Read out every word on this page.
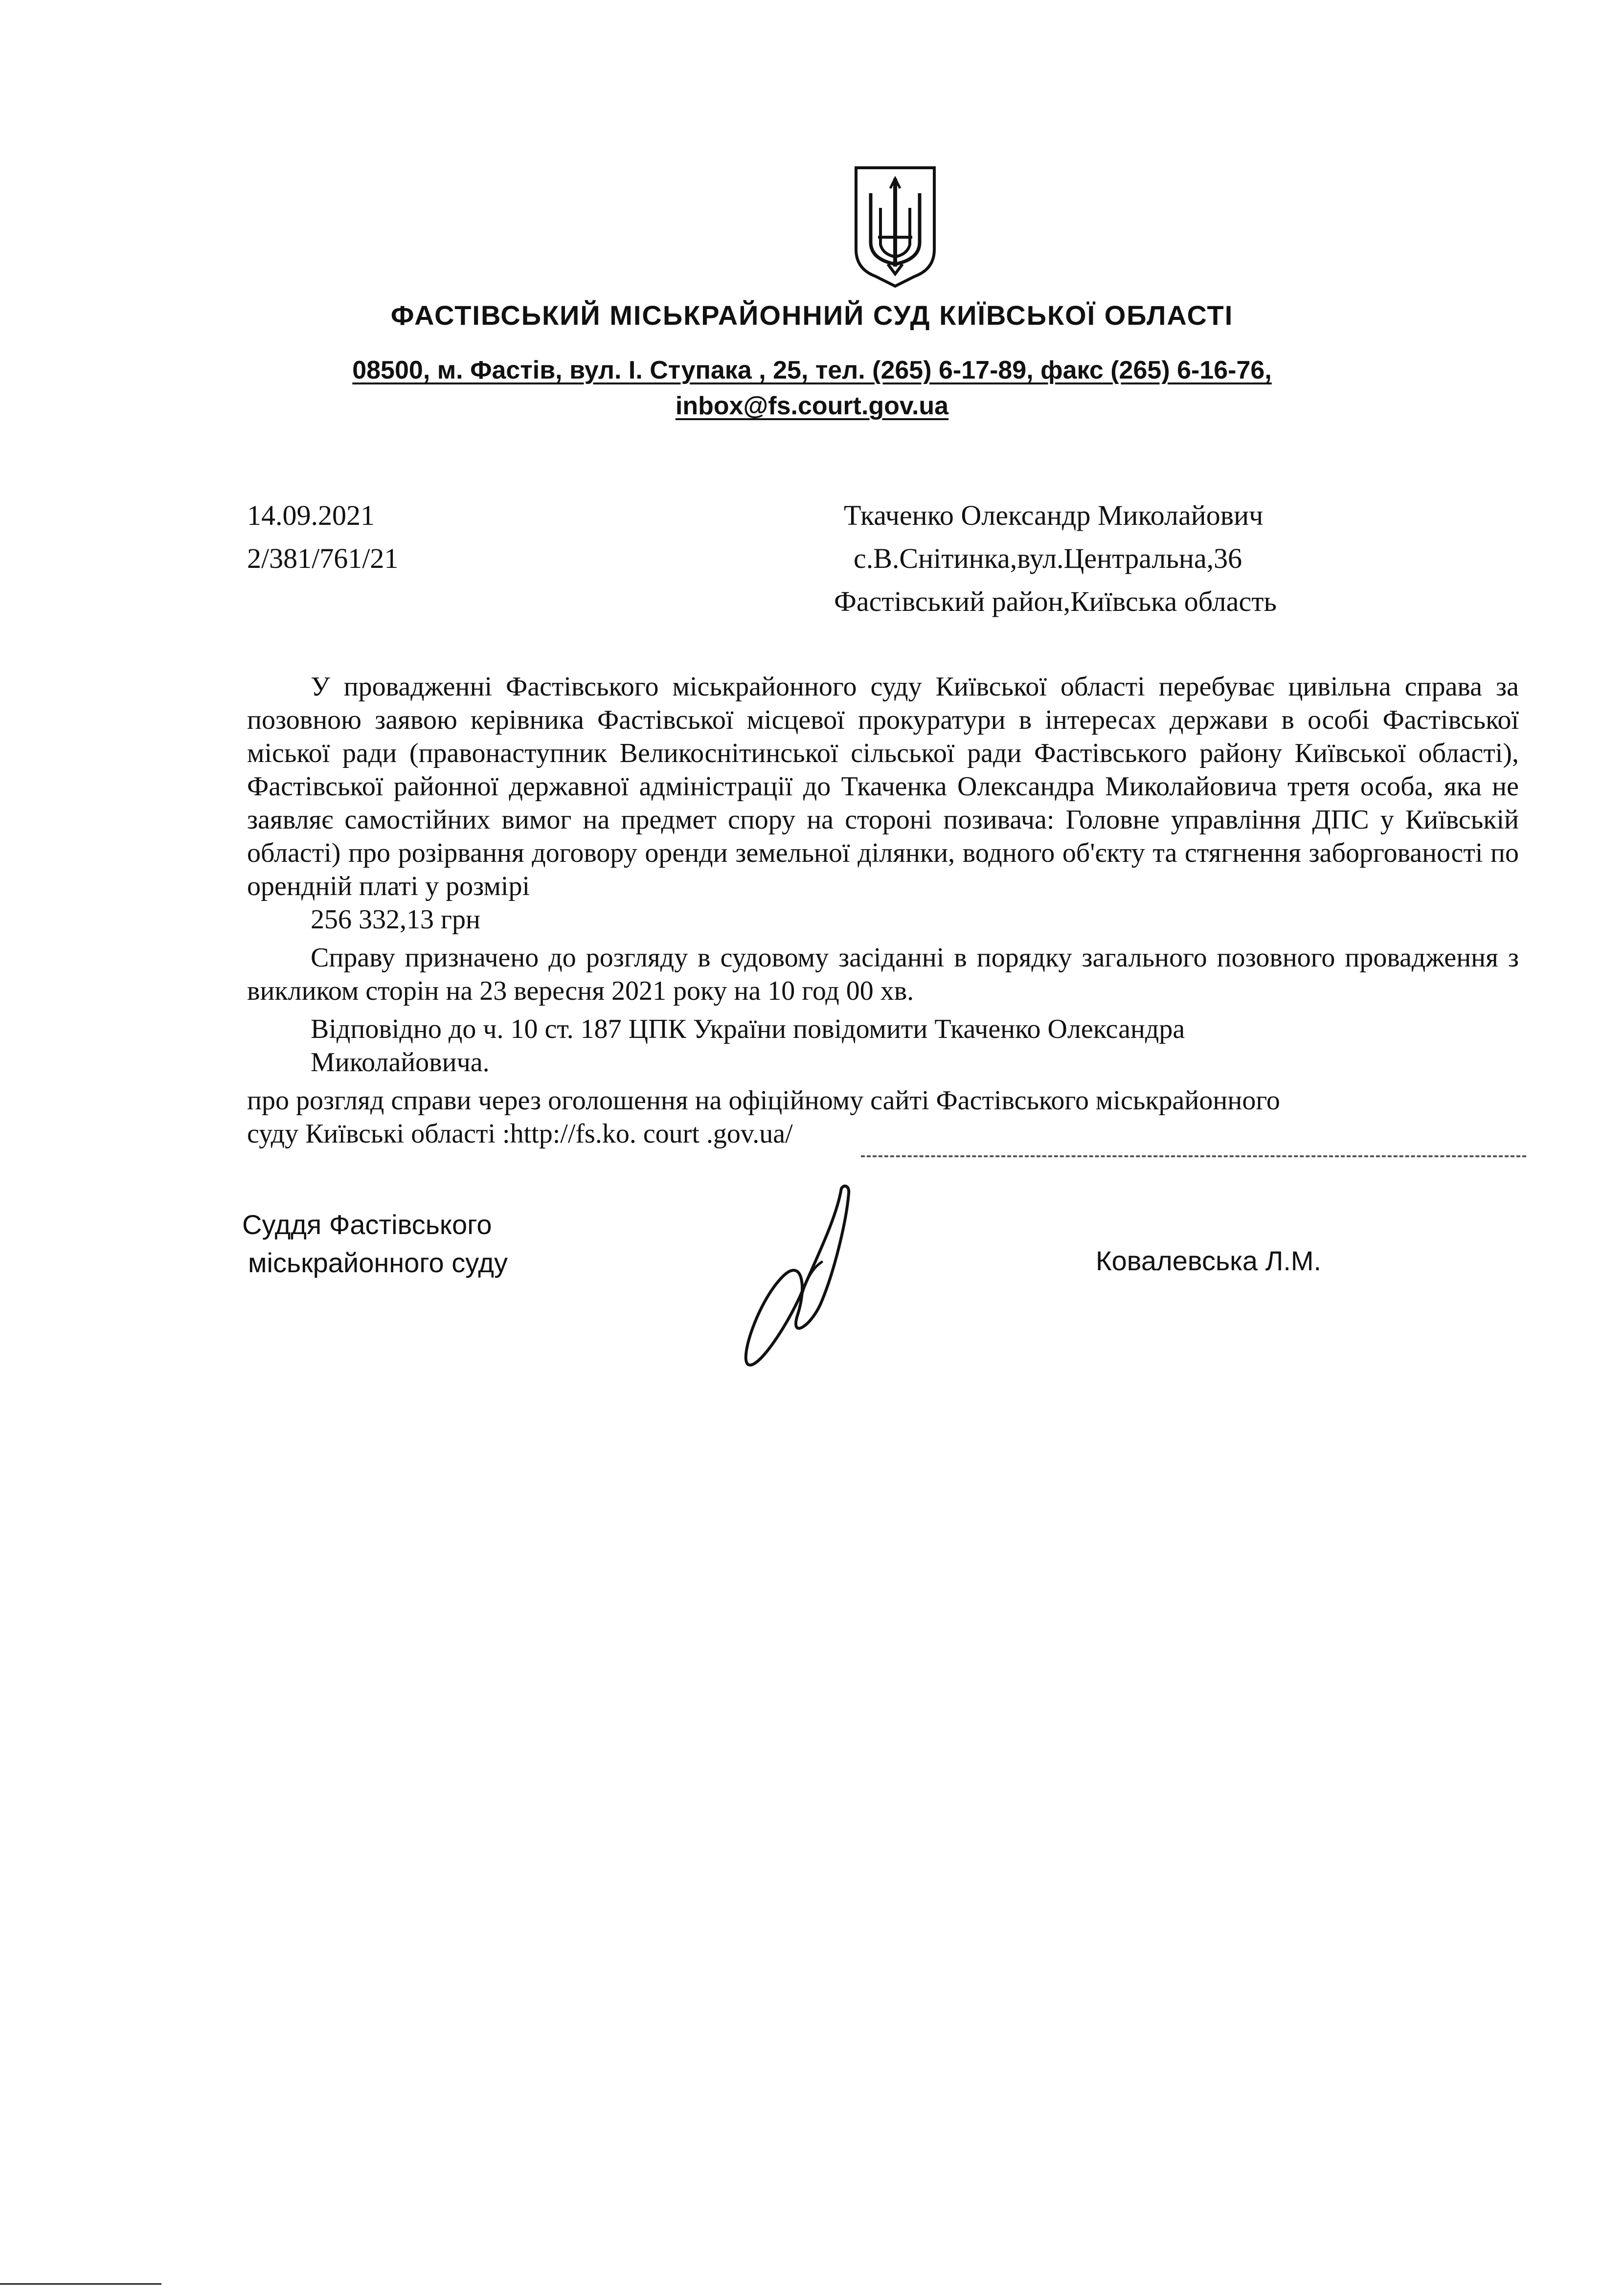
ФАСТІВСЬКИЙ МІСЬКРАЙОННИЙ СУД КИЇВСЬКОЇ ОБЛАСТІ
08500, м. Фастів, вул. І. Ступака , 25, тел. (265) 6-17-89, факс (265) 6-16-76,
inbox@fs.court.gov.ua
14.09.2021
2/381/761/21
Ткаченко Олександр Миколайович
с.В.Снітинка,вул.Центральна,36
Фастівський район,Київська область

У провадженні Фастівського міськрайонного суду Київської області перебуває цивільна справа за позовною заявою керівника Фастівської місцевої прокуратури в інтересах держави в особі Фастівської міської ради (правонаступник Великоснітинської сільської ради Фастівського району Київської області), Фастівської районної державної адміністрації до Ткаченка Олександра Миколайовича третя особа, яка не заявляє самостійних вимог на предмет спору на стороні позивача: Головне управління ДПС у Київській області) про розірвання договору оренди земельної ділянки, водного об'єкту та стягнення заборгованості по орендній платі у розмірі
256 332,13 грн

Справу призначено до розгляду в судовому засіданні в порядку загального позовного провадження з викликом сторін на 23 вересня 2021 року на 10 год 00 хв.

Відповідно до ч. 10 ст. 187 ЦПК України повідомити Ткаченко Олександра
Миколайовича.

про розгляд справи через оголошення на офіційному сайті Фастівського міськрайонного
суду Київські області :http://fs.ko. court .gov.ua/

Суддя Фастівського
міськрайонного суду	Ковалевська Л.М.
